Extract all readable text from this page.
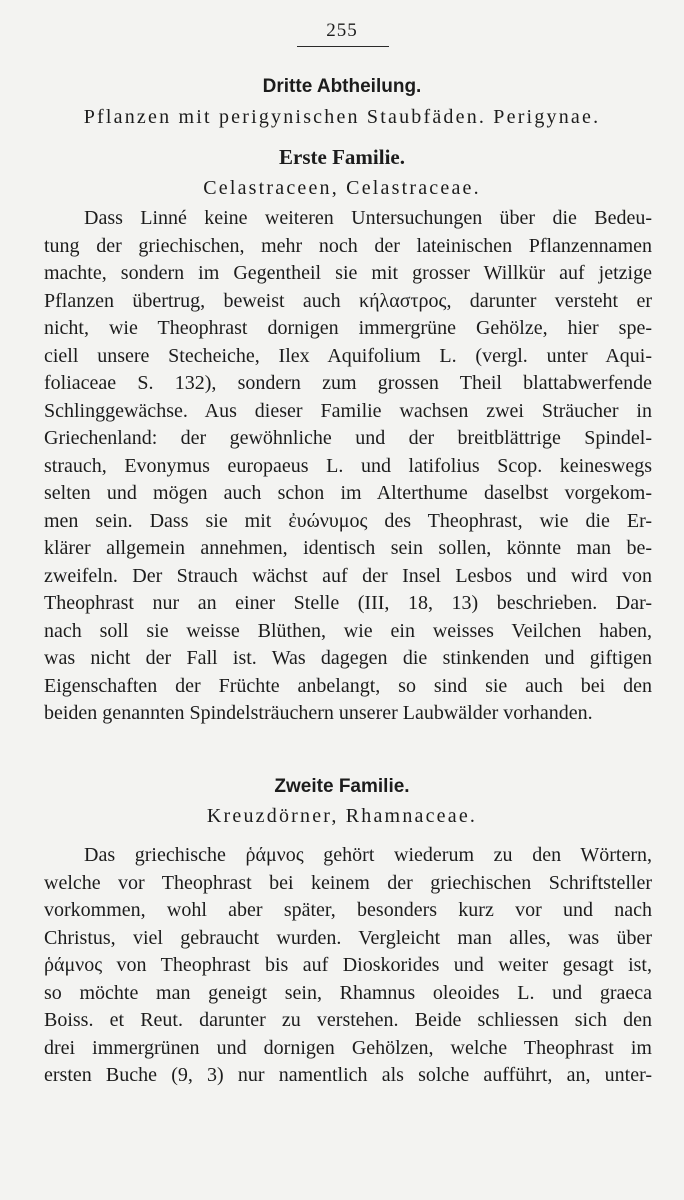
255
Dritte Abtheilung.
Pflanzen mit perigynischen Staubfäden. Perigynae.
Erste Familie.
Celastraceen, Celastraceae.
Dass Linné keine weiteren Untersuchungen über die Bedeu-
tung der griechischen, mehr noch der lateinischen Pflanzennamen
machte, sondern im Gegentheil sie mit grosser Willkür auf jetzige
Pflanzen übertrug, beweist auch κήλαστρος, darunter versteht er
nicht, wie Theophrast dornigen immergrüne Gehölze, hier spe-
ciell unsere Stecheiche, Ilex Aquifolium L. (vergl. unter Aqui-
foliaceae S. 132), sondern zum grossen Theil blattabwerfende
Schlinggewächse. Aus dieser Familie wachsen zwei Sträucher in
Griechenland: der gewöhnliche und der breitblättrige Spindel-
strauch, Evonymus europaeus L. und latifolius Scop. keineswegs
selten und mögen auch schon im Alterthume daselbst vorgekom-
men sein. Dass sie mit ἐυώνυμος des Theophrast, wie die Er-
klärer allgemein annehmen, identisch sein sollen, könnte man be-
zweifeln. Der Strauch wächst auf der Insel Lesbos und wird von
Theophrast nur an einer Stelle (III, 18, 13) beschrieben. Dar-
nach soll sie weisse Blüthen, wie ein weisses Veilchen haben,
was nicht der Fall ist. Was dagegen die stinkenden und giftigen
Eigenschaften der Früchte anbelangt, so sind sie auch bei den
beiden genannten Spindelsträuchern unserer Laubwälder vorhanden.
Zweite Familie.
Kreuzdörner, Rhamnaceae.
Das griechische ῥάμνος gehört wiederum zu den Wörtern,
welche vor Theophrast bei keinem der griechischen Schriftsteller
vorkommen, wohl aber später, besonders kurz vor und nach
Christus, viel gebraucht wurden. Vergleicht man alles, was über
ῥάμνος von Theophrast bis auf Dioskorides und weiter gesagt ist,
so möchte man geneigt sein, Rhamnus oleoides L. und graeca
Boiss. et Reut. darunter zu verstehen. Beide schliessen sich den
drei immergrünen und dornigen Gehölzen, welche Theophrast im
ersten Buche (9, 3) nur namentlich als solche aufführt, an, unter-
